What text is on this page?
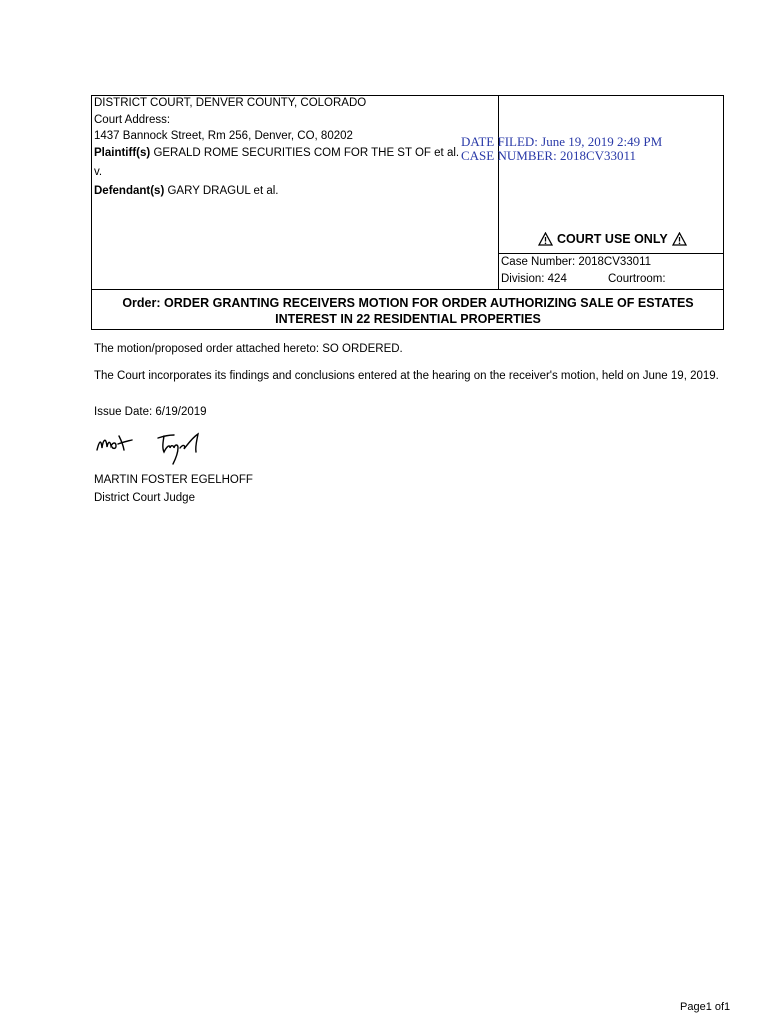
Order: ORDER GRANTING RECEIVERS MOTION FOR ORDER AUTHORIZING SALE OF ESTATES
INTEREST IN 22 RESIDENTIAL PROPERTIES
DISTRICT COURT, DENVER COUNTY, COLORADO
Court Address:
1437 Bannock Street, Rm 256, Denver, CO, 80202
Plaintiff(s) GERALD ROME SECURITIES COM FOR THE ST OF et al.
v.
Defendant(s) GARY DRAGUL et al.
DATE FILED: June 19, 2019 2:49 PM
CASE NUMBER: 2018CV33011
COURT USE ONLY
Case Number: 2018CV33011
Division: 424	Courtroom:
The motion/proposed order attached hereto: SO ORDERED.
The Court incorporates its findings and conclusions entered at the hearing on the receiver's motion, held on June 19, 2019.
Issue Date: 6/19/2019
MARTIN FOSTER EGELHOFF
District Court Judge
Page1 of1
